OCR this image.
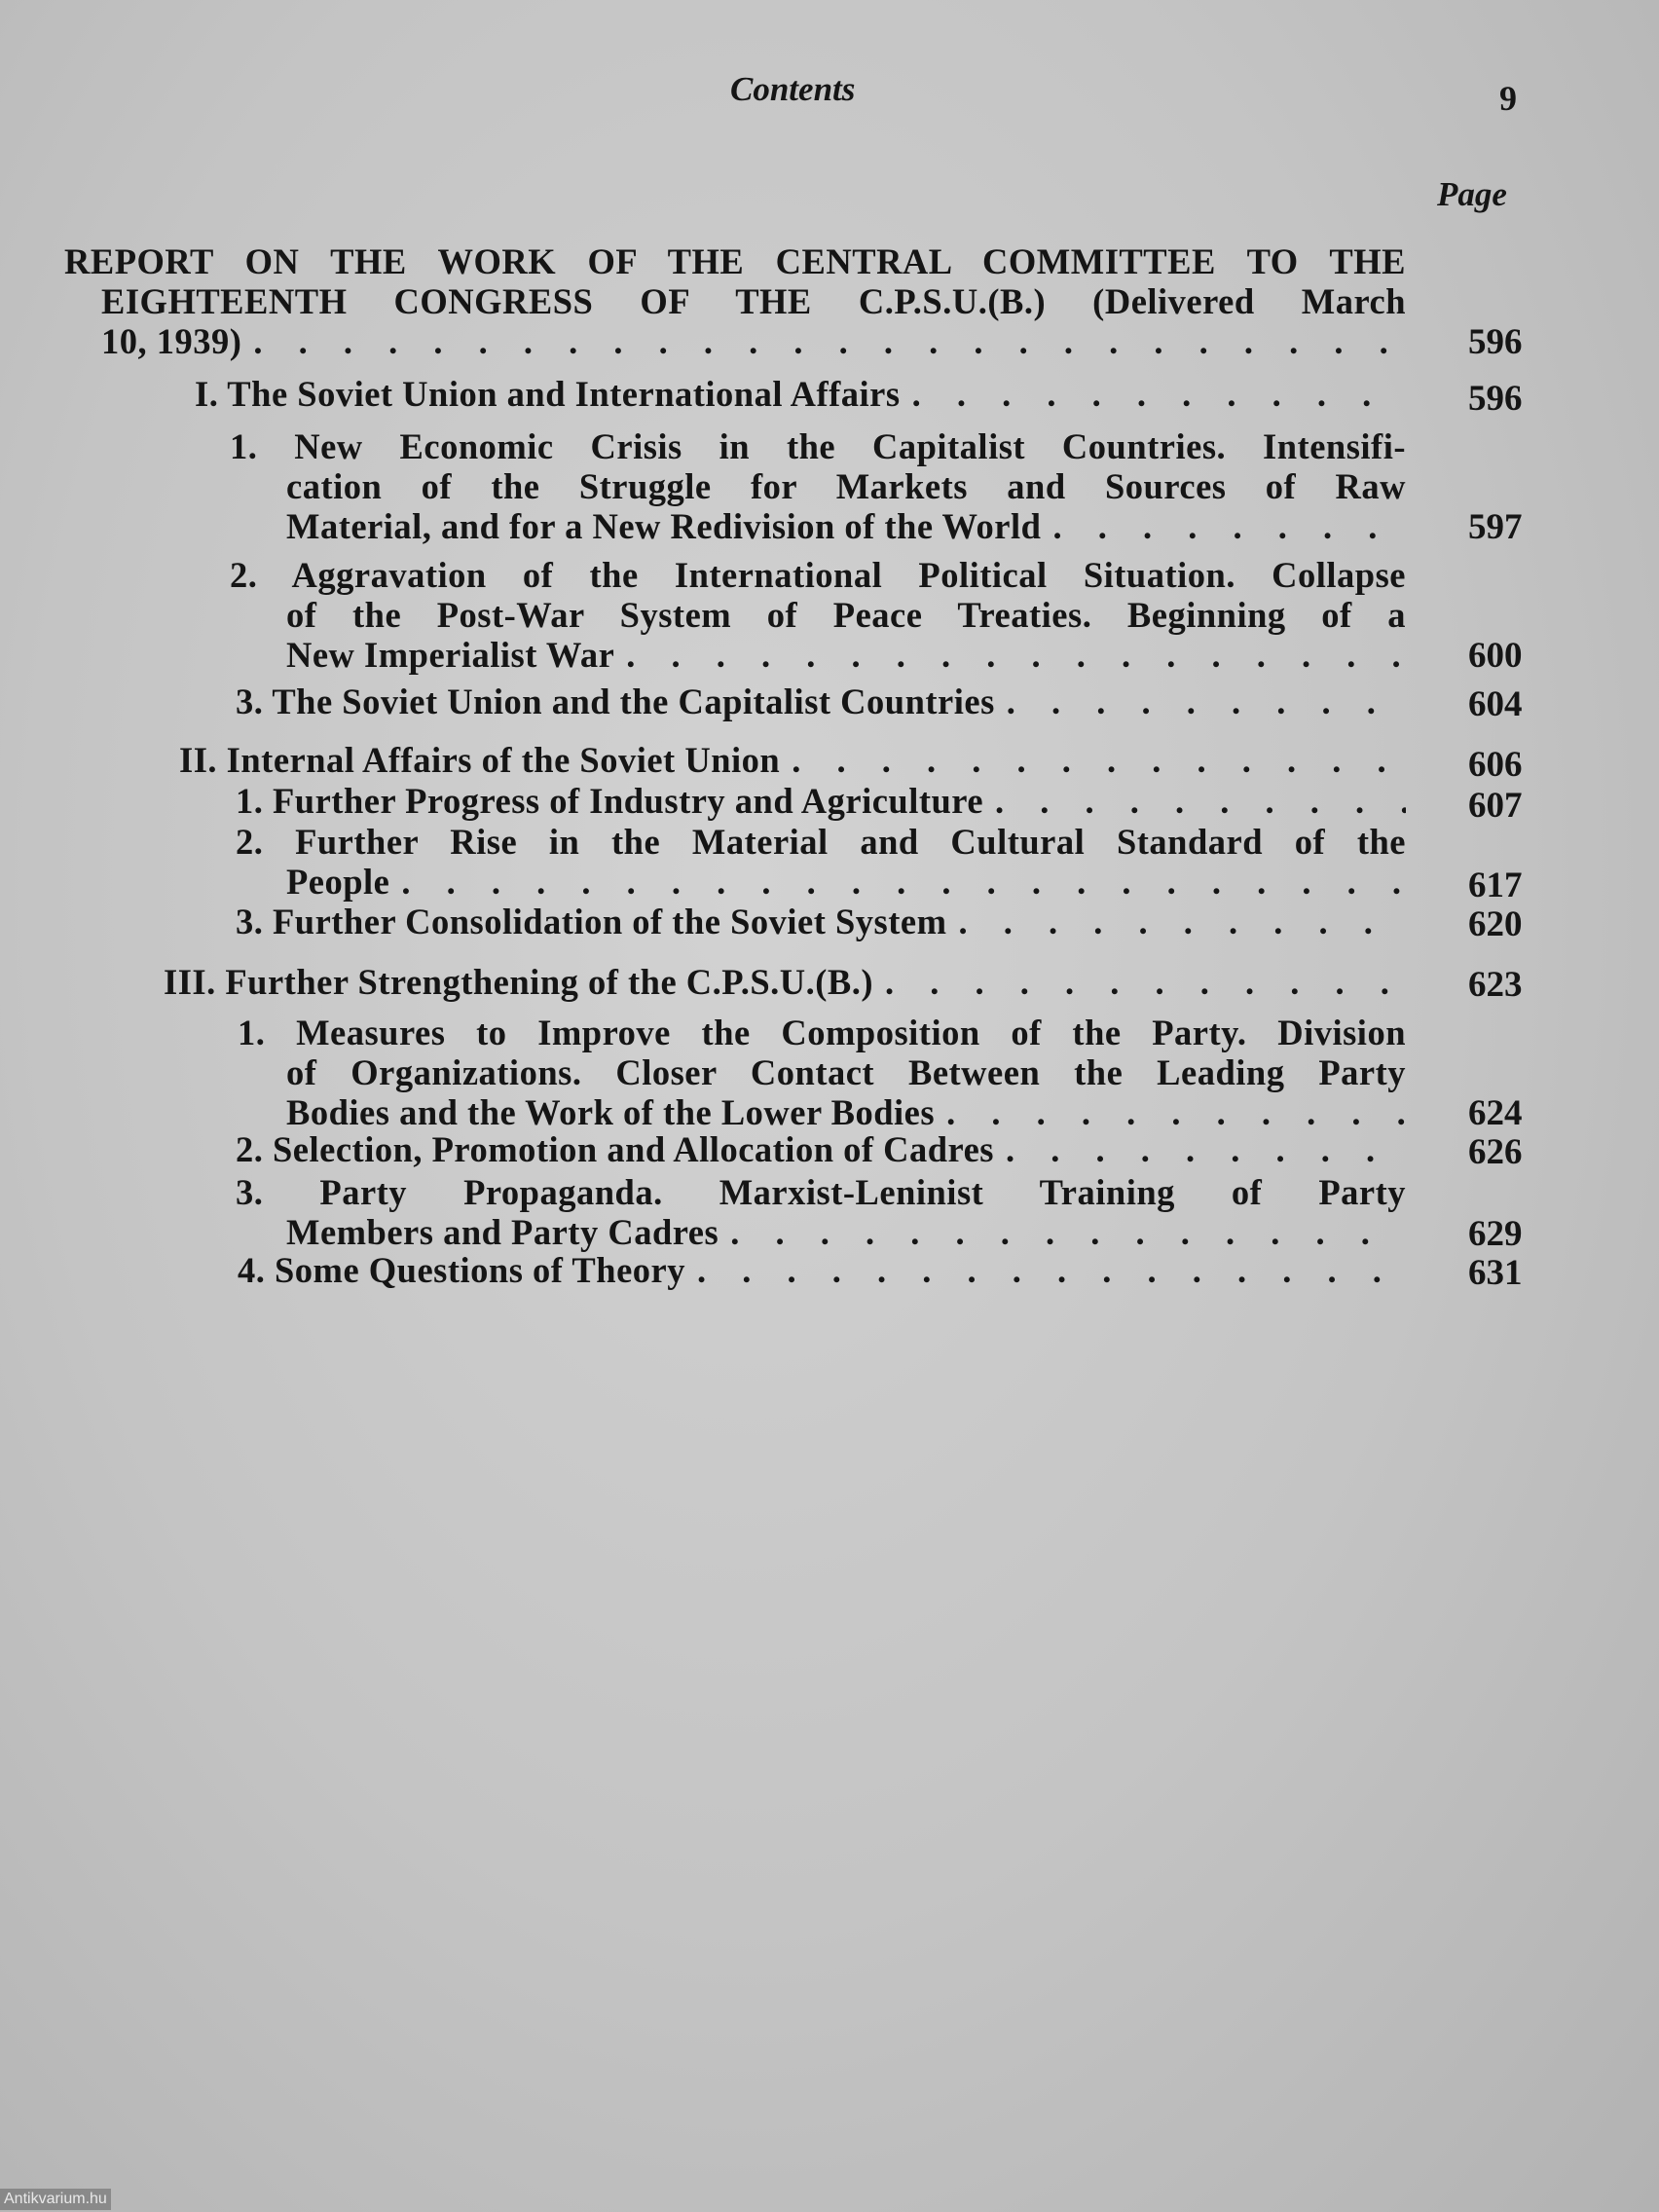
Contents	9
Page
REPORT ON THE WORK OF THE CENTRAL COMMITTEE TO THE
EIGHTEENTH CONGRESS OF THE C.P.S.U.(B.) (Delivered March
10, 1939) . . .	596
I. The Soviet Union and International Affairs . . .	596
1. New Economic Crisis in the Capitalist Countries. Intensifi-
cation of the Struggle for Markets and Sources of Raw
Material, and for a New Redivision of the World . . .	597
2. Aggravation of the International Political Situation. Collapse
of the Post-War System of Peace Treaties. Beginning of a
New Imperialist War . . .	600
3. The Soviet Union and the Capitalist Countries . . .	604
II. Internal Affairs of the Soviet Union . . .	606
1. Further Progress of Industry and Agriculture . . .	607
2. Further Rise in the Material and Cultural Standard of the
People . . .	617
3. Further Consolidation of the Soviet System . . .	620
III. Further Strengthening of the C.P.S.U.(B.) . . .	623
1. Measures to Improve the Composition of the Party. Division
of Organizations. Closer Contact Between the Leading Party
Bodies and the Work of the Lower Bodies . . .	624
2. Selection, Promotion and Allocation of Cadres . . .	626
3. Party Propaganda. Marxist-Leninist Training of Party
Members and Party Cadres . . .	629
4. Some Questions of Theory . . .	631
Antikvarium.hu
